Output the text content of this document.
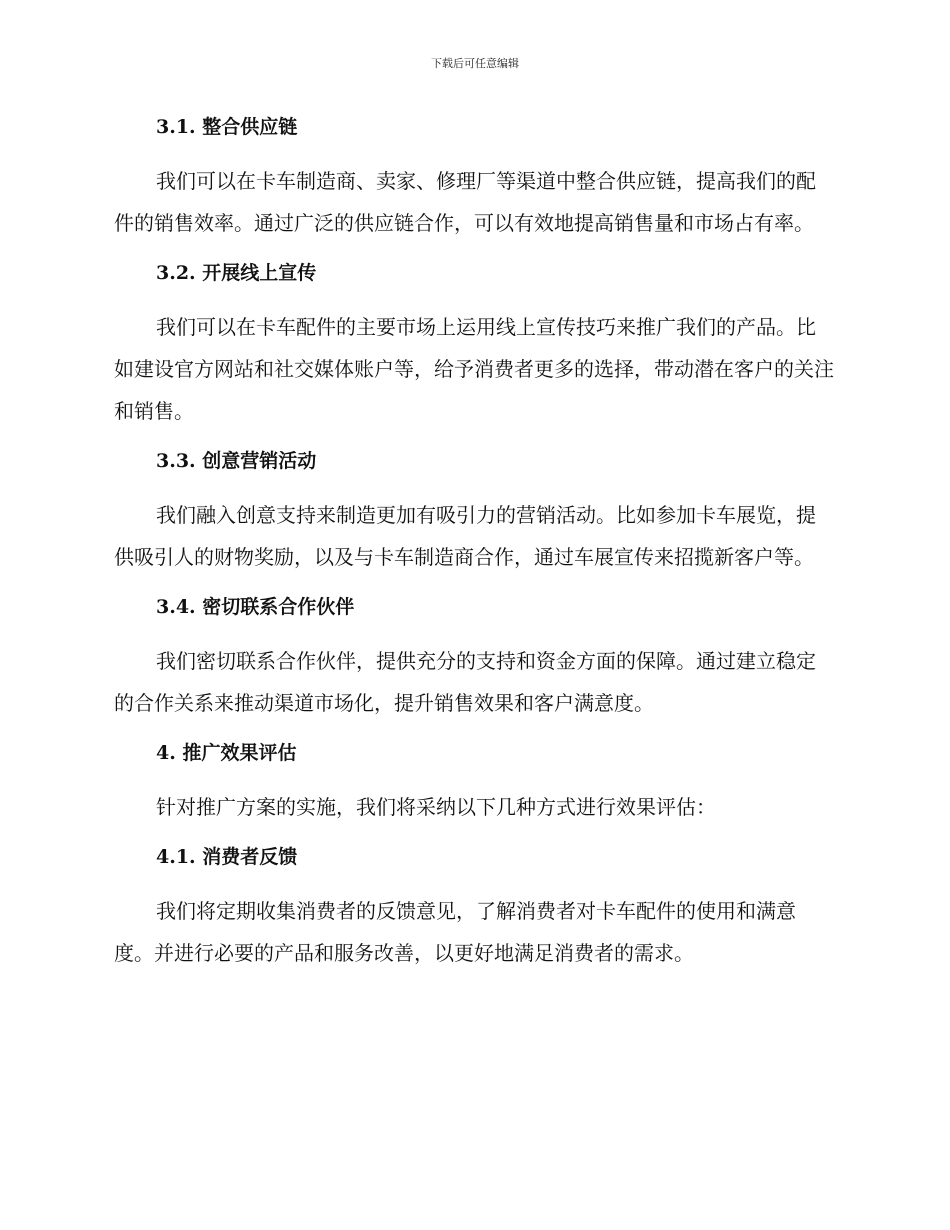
下载后可任意编辑
3.1. 整合供应链
我们可以在卡车制造商、卖家、修理厂等渠道中整合供应链，提高我们的配件的销售效率。通过广泛的供应链合作，可以有效地提高销售量和市场占有率。
3.2. 开展线上宣传
我们可以在卡车配件的主要市场上运用线上宣传技巧来推广我们的产品。比如建设官方网站和社交媒体账户等，给予消费者更多的选择，带动潜在客户的关注和销售。
3.3. 创意营销活动
我们融入创意支持来制造更加有吸引力的营销活动。比如参加卡车展览，提供吸引人的财物奖励，以及与卡车制造商合作，通过车展宣传来招揽新客户等。
3.4. 密切联系合作伙伴
我们密切联系合作伙伴，提供充分的支持和资金方面的保障。通过建立稳定的合作关系来推动渠道市场化，提升销售效果和客户满意度。
4. 推广效果评估
针对推广方案的实施，我们将采纳以下几种方式进行效果评估：
4.1. 消费者反馈
我们将定期收集消费者的反馈意见，了解消费者对卡车配件的使用和满意度。并进行必要的产品和服务改善，以更好地满足消费者的需求。
